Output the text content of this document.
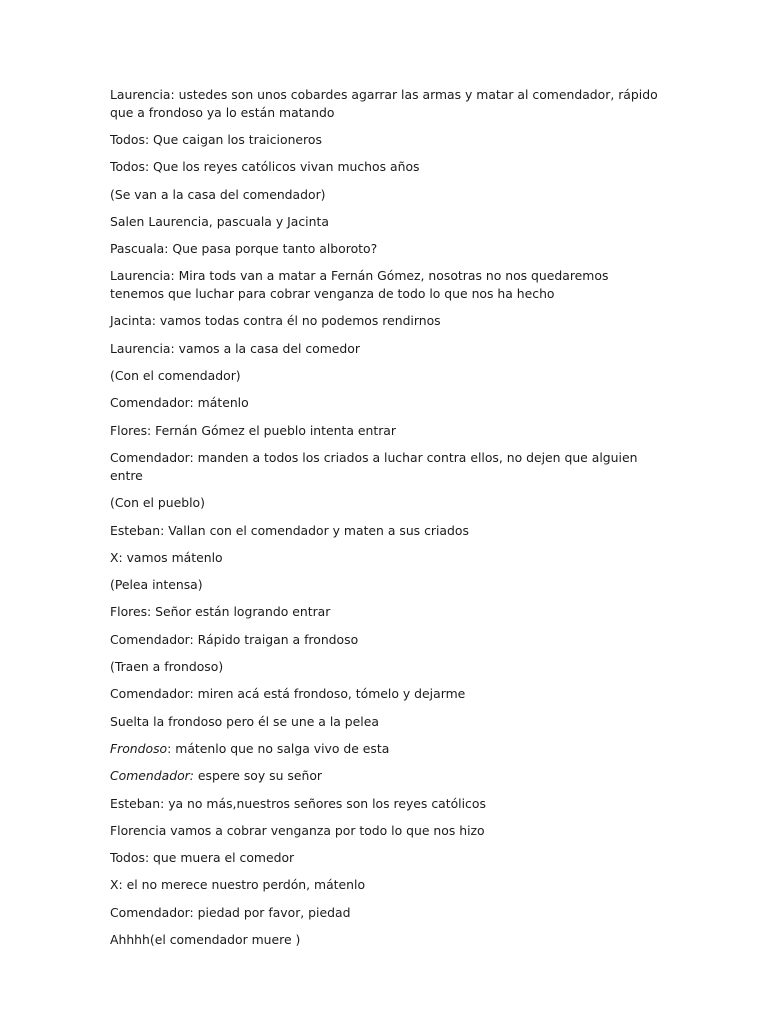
Laurencia: ustedes son unos cobardes agarrar las armas y matar al comendador, rápido que a frondoso ya lo están matando

Todos: Que caigan los traicioneros

Todos: Que los reyes católicos vivan muchos años

(Se van a la casa del comendador)

Salen Laurencia, pascuala y Jacinta

Pascuala: Que pasa porque tanto alboroto?

Laurencia: Mira tods van a matar a Fernán Gómez, nosotras no nos quedaremos tenemos que luchar para cobrar venganza de todo lo que nos ha hecho

Jacinta: vamos todas contra él no podemos rendirnos

Laurencia: vamos a la casa del comedor

(Con el comendador)

Comendador: mátenlo

Flores: Fernán Gómez el pueblo intenta entrar

Comendador: manden a todos los criados a luchar contra ellos, no dejen que alguien entre

(Con el pueblo)

Esteban: Vallan con el comendador y maten a sus criados

X: vamos mátenlo

(Pelea intensa)

Flores: Señor están logrando entrar

Comendador: Rápido traigan a frondoso

(Traen a frondoso)

Comendador: miren acá está frondoso, tómelo y dejarme

Suelta la frondoso pero él se une a la pelea

Frondoso: mátenlo que no salga vivo de esta

Comendador: espere soy su señor

Esteban: ya no más,nuestros señores son los reyes católicos

Florencia vamos a cobrar venganza por todo lo que nos hizo

Todos: que muera el comedor

X: el no merece nuestro perdón, mátenlo

Comendador: piedad por favor, piedad

Ahhhh(el comendador muere )
